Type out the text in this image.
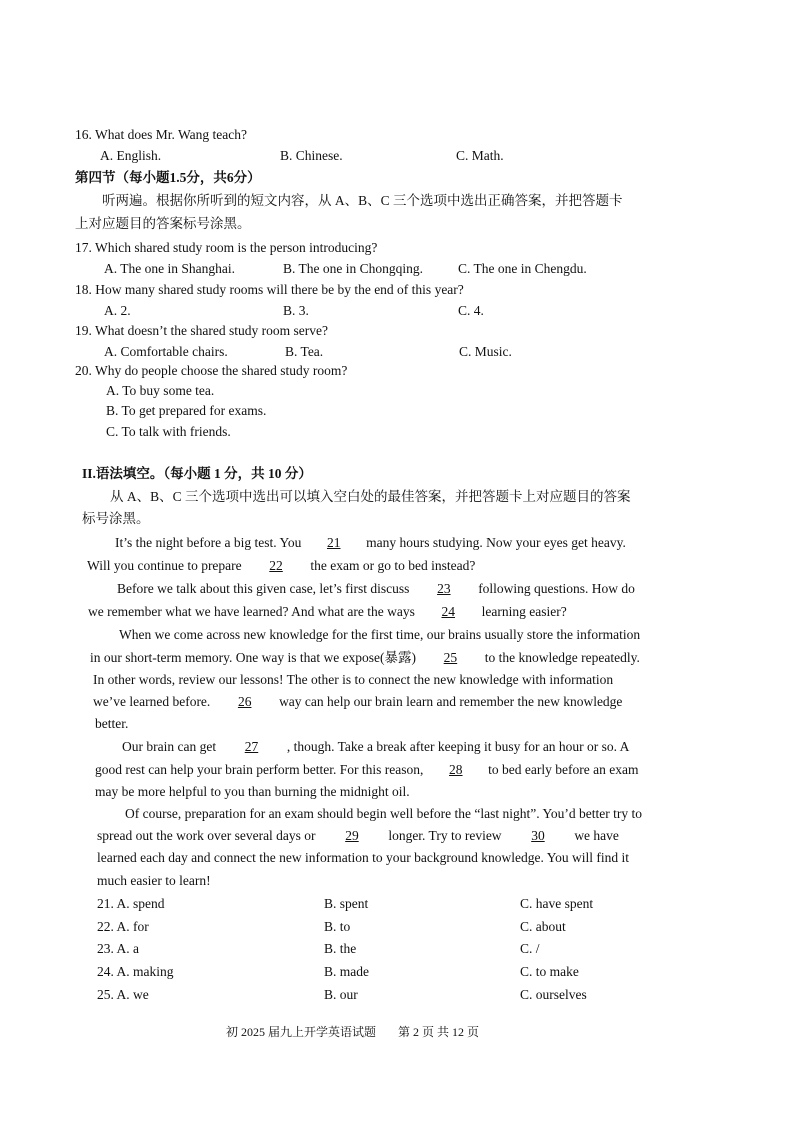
16. What does Mr. Wang teach?
A. English.	B. Chinese.	C. Math.
第四节（每小题1.5分，共6分）
听两遍。根据你所听到的短文内容，从 A、B、C 三个选项中选出正确答案，并把答题卡
上对应题目的答案标号涂黑。
17. Which shared study room is the person introducing?
A. The one in Shanghai.	B. The one in Chongqing.	C. The one in Chengdu.
18. How many shared study rooms will there be by the end of this year?
A. 2.	B. 3.	C. 4.
19. What doesn’t the shared study room serve?
A. Comfortable chairs.	B. Tea.	C. Music.
20. Why do people choose the shared study room?
A. To buy some tea.
B. To get prepared for exams.
C. To talk with friends.
II.语法填空。（每小题 1 分，共 10 分）
从 A、B、C 三个选项中选出可以填入空白处的最佳答案，并把答题卡上对应题目的答案
标号涂黑。
It’s the night before a big test. You 21 many hours studying. Now your eyes get heavy.
Will you continue to prepare 22 the exam or go to bed instead?
Before we talk about this given case, let’s first discuss 23 following questions. How do
we remember what we have learned? And what are the ways 24 learning easier?
When we come across new knowledge for the first time, our brains usually store the information
in our short-term memory. One way is that we expose(暴露) 25 to the knowledge repeatedly.
In other words, review our lessons! The other is to connect the new knowledge with information
we’ve learned before. 26 way can help our brain learn and remember the new knowledge
better.
Our brain can get 27 , though. Take a break after keeping it busy for an hour or so. A
good rest can help your brain perform better. For this reason, 28 to bed early before an exam
may be more helpful to you than burning the midnight oil.
Of course, preparation for an exam should begin well before the “last night”. You’d better try to
spread out the work over several days or 29 longer. Try to review 30 we have
learned each day and connect the new information to your background knowledge. You will find it
much easier to learn!
21. A. spend	B. spent	C. have spent
22. A. for	B. to	C. about
23. A. a	B. the	C. /
24. A. making	B. made	C. to make
25. A. we	B. our	C. ourselves
初 2025 届九上开学英语试题 第 2 页 共 12 页
